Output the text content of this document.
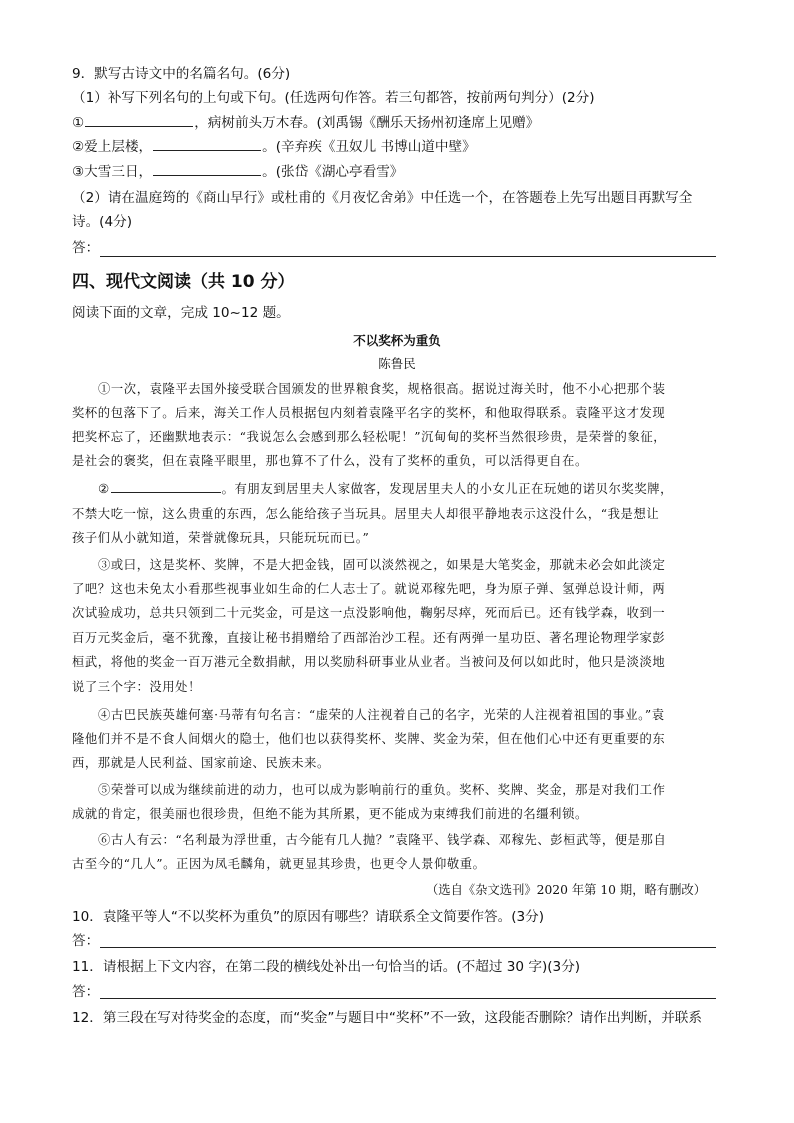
9．默写古诗文中的名篇名句。(6分)
（1）补写下列名句的上句或下句。(任选两句作答。若三句都答，按前两句判分）(2分)
①	，病树前头万木春。(刘禹锡《酬乐天扬州初逢席上见赠》
②爱上层楼，	。(辛弃疾《丑奴儿 书博山道中壁》
③大雪三日，	。(张岱《湖心亭看雪》
（2）请在温庭筠的《商山早行》或杜甫的《月夜忆舍弟》中任选一个，在答题卷上先写出题目再默写全
诗。(4分)
答：
四、现代文阅读（共 10 分）
阅读下面的文章，完成 10~12 题。
不以奖杯为重负
陈鲁民
①一次，袁隆平去国外接受联合国颁发的世界粮食奖，规格很高。据说过海关时，他不小心把那个装
奖杯的包落下了。后来，海关工作人员根据包内刻着袁隆平名字的奖杯，和他取得联系。袁隆平这才发现
把奖杯忘了，还幽默地表示：“我说怎么会感到那么轻松呢！”沉甸甸的奖杯当然很珍贵，是荣誉的象征，
是社会的褒奖，但在袁隆平眼里，那也算不了什么，没有了奖杯的重负，可以活得更自在。
②	。有朋友到居里夫人家做客，发现居里夫人的小女儿正在玩她的诺贝尔奖奖牌，
不禁大吃一惊，这么贵重的东西，怎么能给孩子当玩具。居里夫人却很平静地表示这没什么，“我是想让
孩子们从小就知道，荣誉就像玩具，只能玩玩而已。”
③或曰，这是奖杯、奖牌，不是大把金钱，固可以淡然视之，如果是大笔奖金，那就未必会如此淡定
了吧？这也未免太小看那些视事业如生命的仁人志士了。就说邓稼先吧，身为原子弹、氢弹总设计师，两
次试验成功，总共只领到二十元奖金，可是这一点没影响他，鞠躬尽瘁，死而后已。还有钱学森，收到一
百万元奖金后，毫不犹豫，直接让秘书捐赠给了西部治沙工程。还有两弹一星功臣、著名理论物理学家彭
桓武，将他的奖金一百万港元全数捐献，用以奖励科研事业从业者。当被问及何以如此时，他只是淡淡地
说了三个字：没用处！
④古巴民族英雄何塞·马蒂有句名言：“虚荣的人注视着自己的名字，光荣的人注视着祖国的事业。”袁
隆他们并不是不食人间烟火的隐士，他们也以获得奖杯、奖牌、奖金为荣，但在他们心中还有更重要的东
西，那就是人民利益、国家前途、民族未来。
⑤荣誉可以成为继续前进的动力，也可以成为影响前行的重负。奖杯、奖牌、奖金，那是对我们工作
成就的肯定，很美丽也很珍贵，但绝不能为其所累，更不能成为束缚我们前进的名缰利锁。
⑥古人有云：“名利最为浮世重，古今能有几人抛？”袁隆平、钱学森、邓稼先、彭桓武等，便是那自
古至今的“几人”。正因为凤毛麟角，就更显其珍贵，也更令人景仰敬重。
（选自《杂文选刊》2020 年第 10 期，略有删改）
10．袁隆平等人“不以奖杯为重负”的原因有哪些？请联系全文简要作答。(3分)
答：
11．请根据上下文内容，在第二段的横线处补出一句恰当的话。(不超过 30 字)(3分)
答：
12．第三段在写对待奖金的态度，而“奖金”与题目中“奖杯”不一致，这段能否删除？请作出判断，并联系
